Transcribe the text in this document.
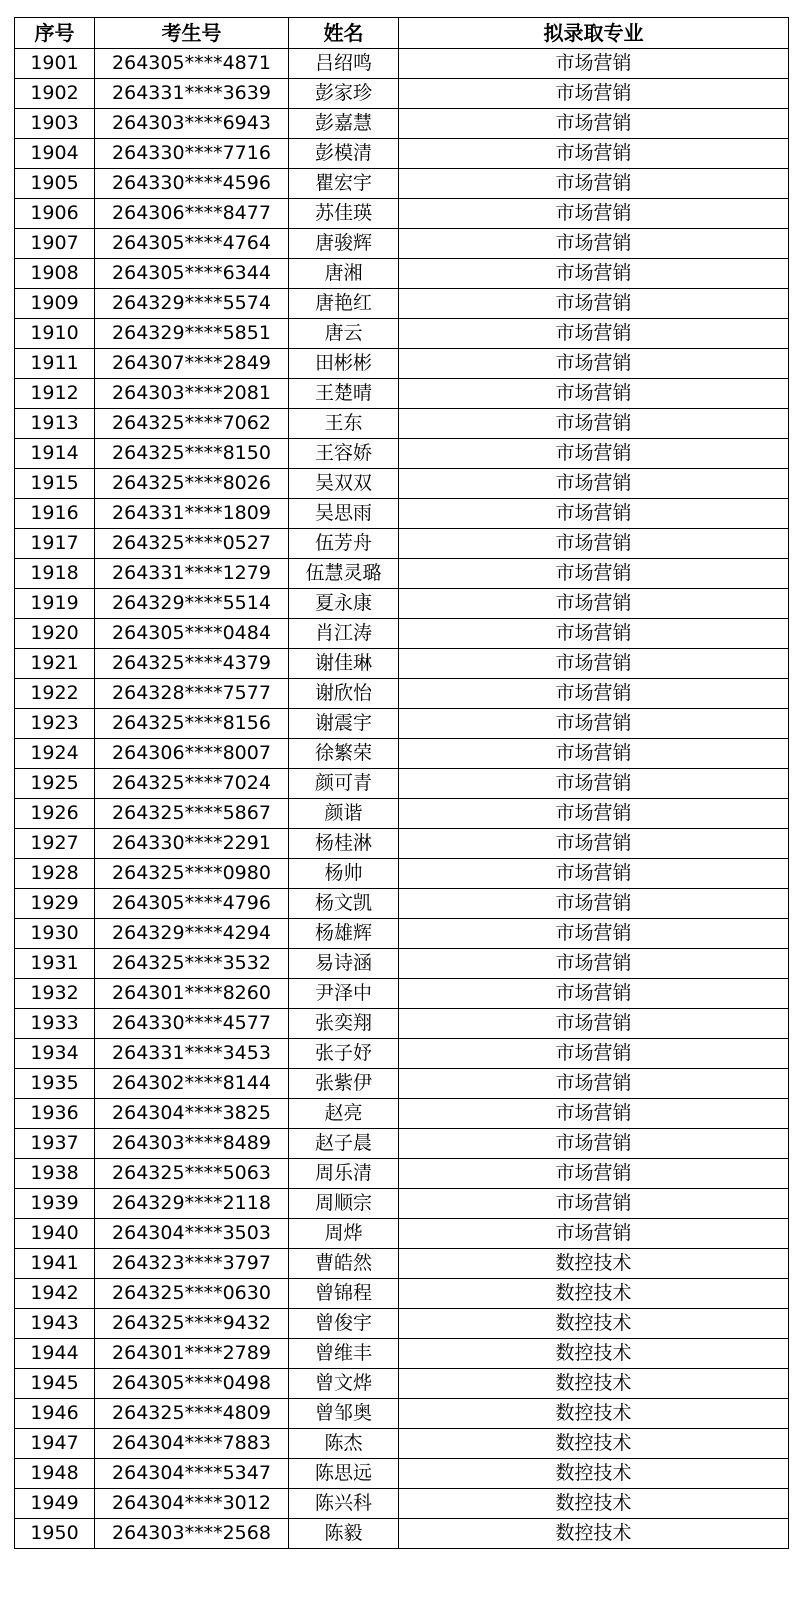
序号	考生号	姓名	拟录取专业
1901	264305****4871	吕绍鸣	市场营销
1902	264331****3639	彭家珍	市场营销
1903	264303****6943	彭嘉慧	市场营销
1904	264330****7716	彭模清	市场营销
1905	264330****4596	瞿宏宇	市场营销
1906	264306****8477	苏佳瑛	市场营销
1907	264305****4764	唐骏辉	市场营销
1908	264305****6344	唐湘	市场营销
1909	264329****5574	唐艳红	市场营销
1910	264329****5851	唐云	市场营销
1911	264307****2849	田彬彬	市场营销
1912	264303****2081	王楚晴	市场营销
1913	264325****7062	王东	市场营销
1914	264325****8150	王容娇	市场营销
1915	264325****8026	吴双双	市场营销
1916	264331****1809	吴思雨	市场营销
1917	264325****0527	伍芳舟	市场营销
1918	264331****1279	伍慧灵璐	市场营销
1919	264329****5514	夏永康	市场营销
1920	264305****0484	肖江涛	市场营销
1921	264325****4379	谢佳琳	市场营销
1922	264328****7577	谢欣怡	市场营销
1923	264325****8156	谢震宇	市场营销
1924	264306****8007	徐繁荣	市场营销
1925	264325****7024	颜可青	市场营销
1926	264325****5867	颜谐	市场营销
1927	264330****2291	杨桂淋	市场营销
1928	264325****0980	杨帅	市场营销
1929	264305****4796	杨文凯	市场营销
1930	264329****4294	杨雄辉	市场营销
1931	264325****3532	易诗涵	市场营销
1932	264301****8260	尹泽中	市场营销
1933	264330****4577	张奕翔	市场营销
1934	264331****3453	张子妤	市场营销
1935	264302****8144	张紫伊	市场营销
1936	264304****3825	赵亮	市场营销
1937	264303****8489	赵子晨	市场营销
1938	264325****5063	周乐清	市场营销
1939	264329****2118	周顺宗	市场营销
1940	264304****3503	周烨	市场营销
1941	264323****3797	曹皓然	数控技术
1942	264325****0630	曾锦程	数控技术
1943	264325****9432	曾俊宇	数控技术
1944	264301****2789	曾维丰	数控技术
1945	264305****0498	曾文烨	数控技术
1946	264325****4809	曾邹奥	数控技术
1947	264304****7883	陈杰	数控技术
1948	264304****5347	陈思远	数控技术
1949	264304****3012	陈兴科	数控技术
1950	264303****2568	陈毅	数控技术
